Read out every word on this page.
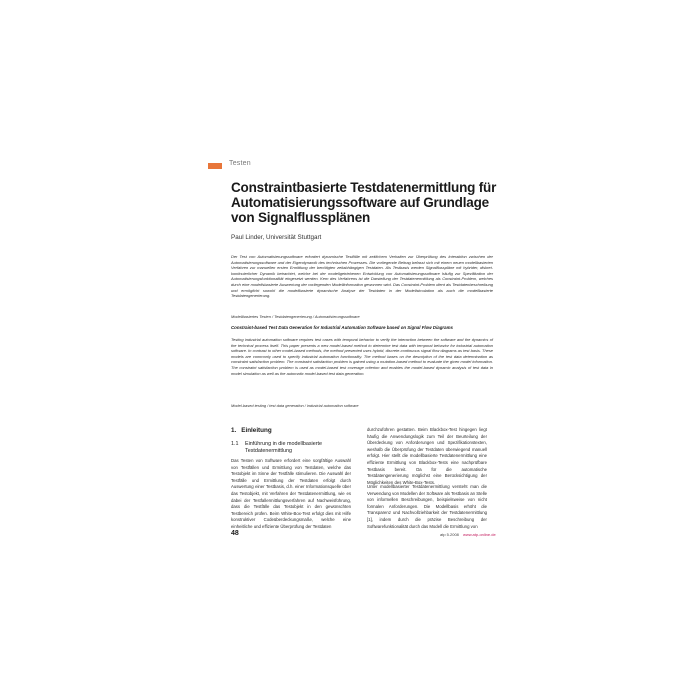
Testen
Constraintbasierte Testdatenermittlung für Automatisierungssoftware auf Grundlage von Signalflussplänen
Paul Linder, Universität Stuttgart
Der Test von Automatisierungssoftware erfordert dynamische Testfälle mit zeitlichem Verhalten zur Überprüfung des Interaktion zwischen der Automatisierungssoftware und der Eigendynamik des technischen Prozesses. Die vorliegende Beitrag befasst sich mit einem neuen modellbasierten Verfahren zur manuellen ersten Ermittlung der benötigten zeitabhängigen Testdaten. Als Testbasis werden Signalflusspläne mit hybrider, diskret-kontinuierlicher Dynamik betrachtet, welche bei der modellgetriebenen Entwicklung von Automatisierungssoftware häufig zur Spezifikation der Automatisierungsfunktionalität eingesetzt werden. Kern des Verfahrens ist die Darstellung der Testdatenermittlung als Constraint-Problem, welches durch eine modellsbasierte Auswertung der vorliegenden Modellinformation gewonnen wird. Das Constraint-Problem dient als Testdatenbeschreibung und ermöglicht sowohl die modellbasierte dynamische Analyse der Testdaten in der Modellsimulation als auch die modellbasierte Testdatengenerierung.
Modellbasiertes Testen / Testdatengenerierung / Automatisierungssoftware
Constraint-based Test Data Generation for Industrial Automation Software based on Signal Flow Diagrams
Testing industrial automation software requires test cases with temporal behavior to verify the interaction between the software and the dynamics of the technical process itself. This paper presents a new model-based method to determine test data with temporal behavior for industrial automation software. In contrast to other model-based methods, the method presented uses hybrid, discrete-continuous signal flow diagrams as test basis. These models are commonly used to specify industrial automation functionality. The method bases on the description of the test data determination as constraint satisfaction problem. The constraint satisfaction problem is gained using a mutation-based method to evaluate the given model information. The constraint satisfaction problem is used as model-based test coverage criterion and enables the model-based dynamic analysis of test data in model simulation as well as the automatic model-based test data generation.
Model-based testing / test data generation / industrial automation software
1. Einleitung
1.1 Einführung in die modellbasierte Testdatenermittlung
Das Testen von Software erfordert eine sorgfältige Auswahl von Testfällen und Ermittlung von Testdaten, welche das Testobjekt im Sinne der Testfälle stimulieren. Die Auswahl der Testfälle und Ermittlung der Testdaten erfolgt durch Auswertung einer Testbasis, d.h. einer Informationsquelle über das Testobjekt, mit Verfahren der Testdatenermittlung, wie es dabei der Testfallermittlungsverfahren auf Nachweisführung, dass die Testfälle das Testobjekt in den gewünschten Testbereich prüfen. Beim White-Box-Test erfolgt dies mit Hilfe konstruktiver Codeüberdeckungsmaße, welche eine einheitliche und effiziente Überprüfung der Testdaten
durchzuführen gestatten. Beim Blackbox-Test hingegen liegt häufig die Anwendungslogik zum Teil der Beurteilung der Überdeckung von Anforderungen und Spezifikationstexten, weshalb die Überprüfung der Testdaten überwiegend manuell erfolgt. Hier stellt die modellbasierte Testdatenermittlung eine effiziente Ermittlung von Blackbox-Tests eine nachprüfbare Testbasis bereit. Da für die automatische Testdatengenerierung möglichst eine Berücksichtigung der Möglichkeiten des White-Box-Tests.
Unter modellbasierter Testdatenermittlung versteht man die Verwendung von Modellen der Software als Testbasis an Stelle von informellen Beschreibungen, beispielsweise von nicht formalen Anforderungen. Die Modellbasis erhöht die Transparenz und Nachvollziehbarkeit der Testdatenermittlung [1], indem durch die präzise Beschreibung der Softwarefunktionalität durch das Modell die Ermittlung von
48	atp 5.2008 www.atp-online.de
